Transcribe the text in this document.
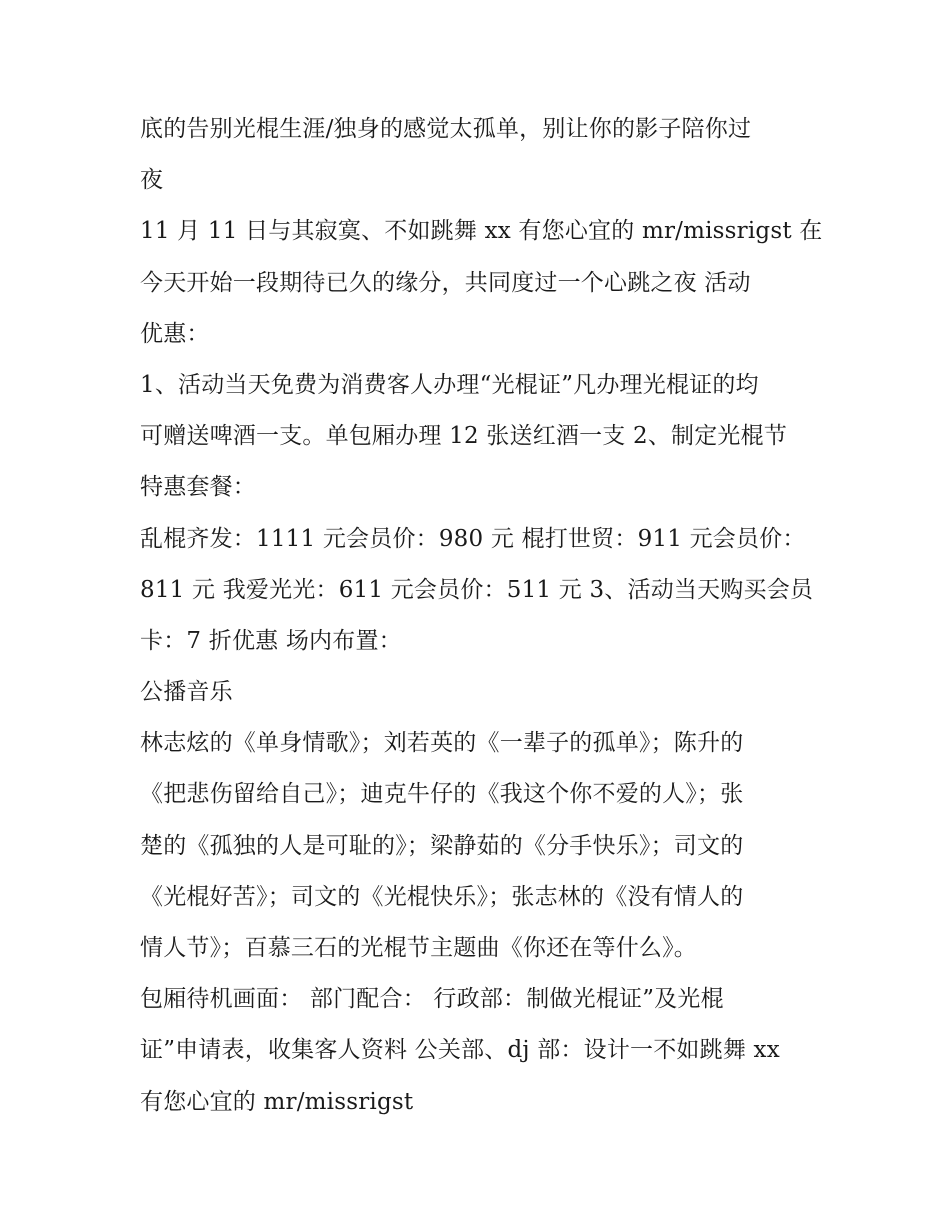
底的告别光棍生涯/独身的感觉太孤单，别让你的影子陪你过
夜
11 月 11 日与其寂寞、不如跳舞 xx 有您心宜的 mr/missrigst 在
今天开始一段期待已久的缘分，共同度过一个心跳之夜 活动
优惠：
1、活动当天免费为消费客人办理“光棍证”凡办理光棍证的均
可赠送啤酒一支。单包厢办理 12 张送红酒一支 2、制定光棍节
特惠套餐：
乱棍齐发：1111 元会员价：980 元 棍打世贸：911 元会员价：
811 元 我爱光光：611 元会员价：511 元 3、活动当天购买会员
卡：7 折优惠 场内布置：
公播音乐
林志炫的《单身情歌》；刘若英的《一辈子的孤单》；陈升的
《把悲伤留给自己》；迪克牛仔的《我这个你不爱的人》；张
楚的《孤独的人是可耻的》；梁静茹的《分手快乐》；司文的
《光棍好苦》；司文的《光棍快乐》；张志林的《没有情人的
情人节》；百慕三石的光棍节主题曲《你还在等什么》。
包厢待机画面： 部门配合： 行政部：制做光棍证”及光棍
证”申请表，收集客人资料 公关部、dj 部：设计一不如跳舞 xx
有您心宜的 mr/missrigst
